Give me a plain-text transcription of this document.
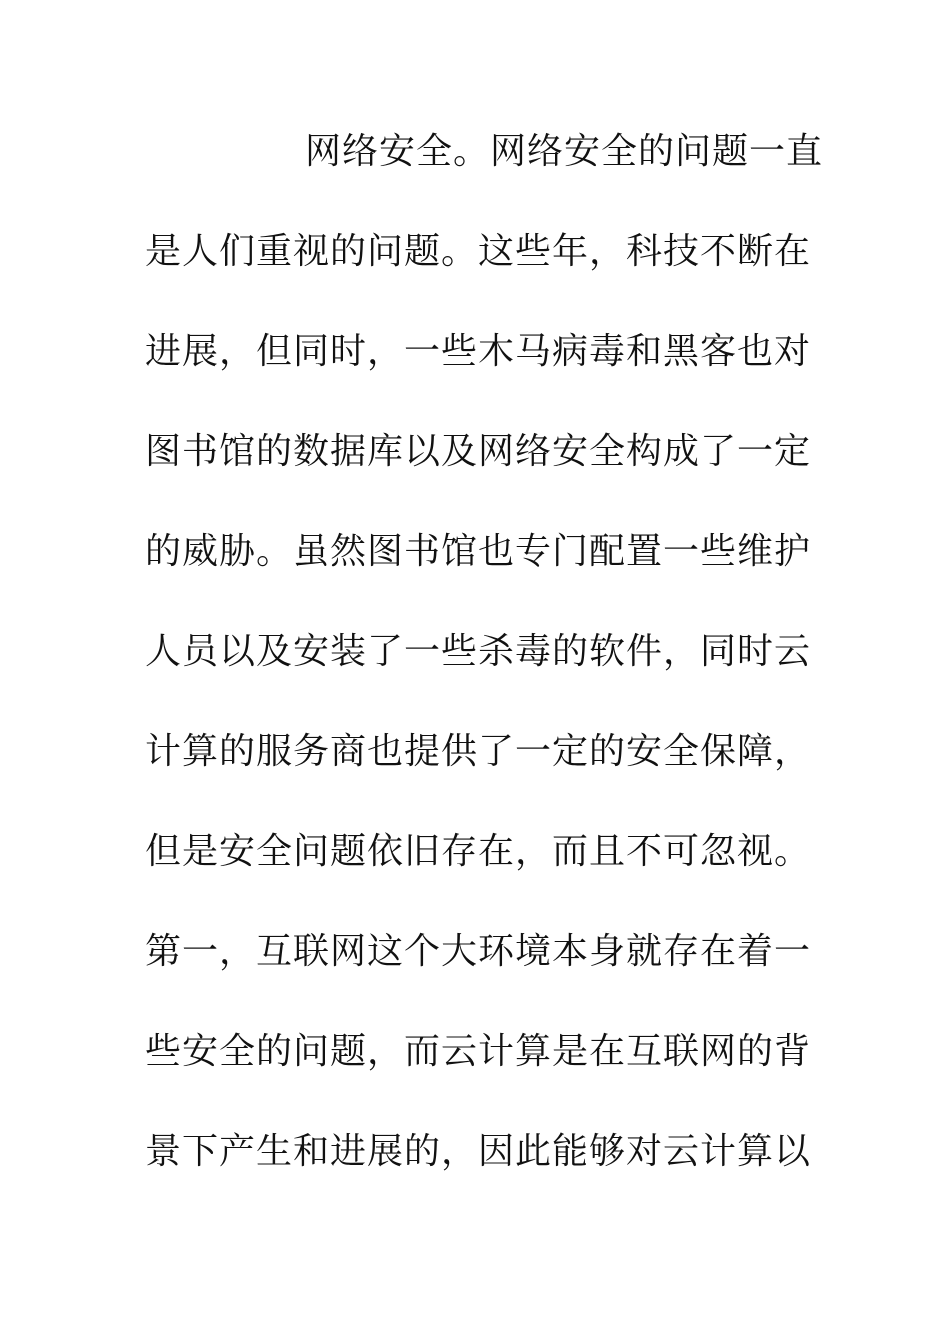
网络安全。网络安全的问题一直
是人们重视的问题。这些年，科技不断在
进展，但同时，一些木马病毒和黑客也对
图书馆的数据库以及网络安全构成了一定
的威胁。虽然图书馆也专门配置一些维护
人员以及安装了一些杀毒的软件，同时云
计算的服务商也提供了一定的安全保障，
但是安全问题依旧存在，而且不可忽视。
第一，互联网这个大环境本身就存在着一
些安全的问题，而云计算是在互联网的背
景下产生和进展的，因此能够对云计算以
